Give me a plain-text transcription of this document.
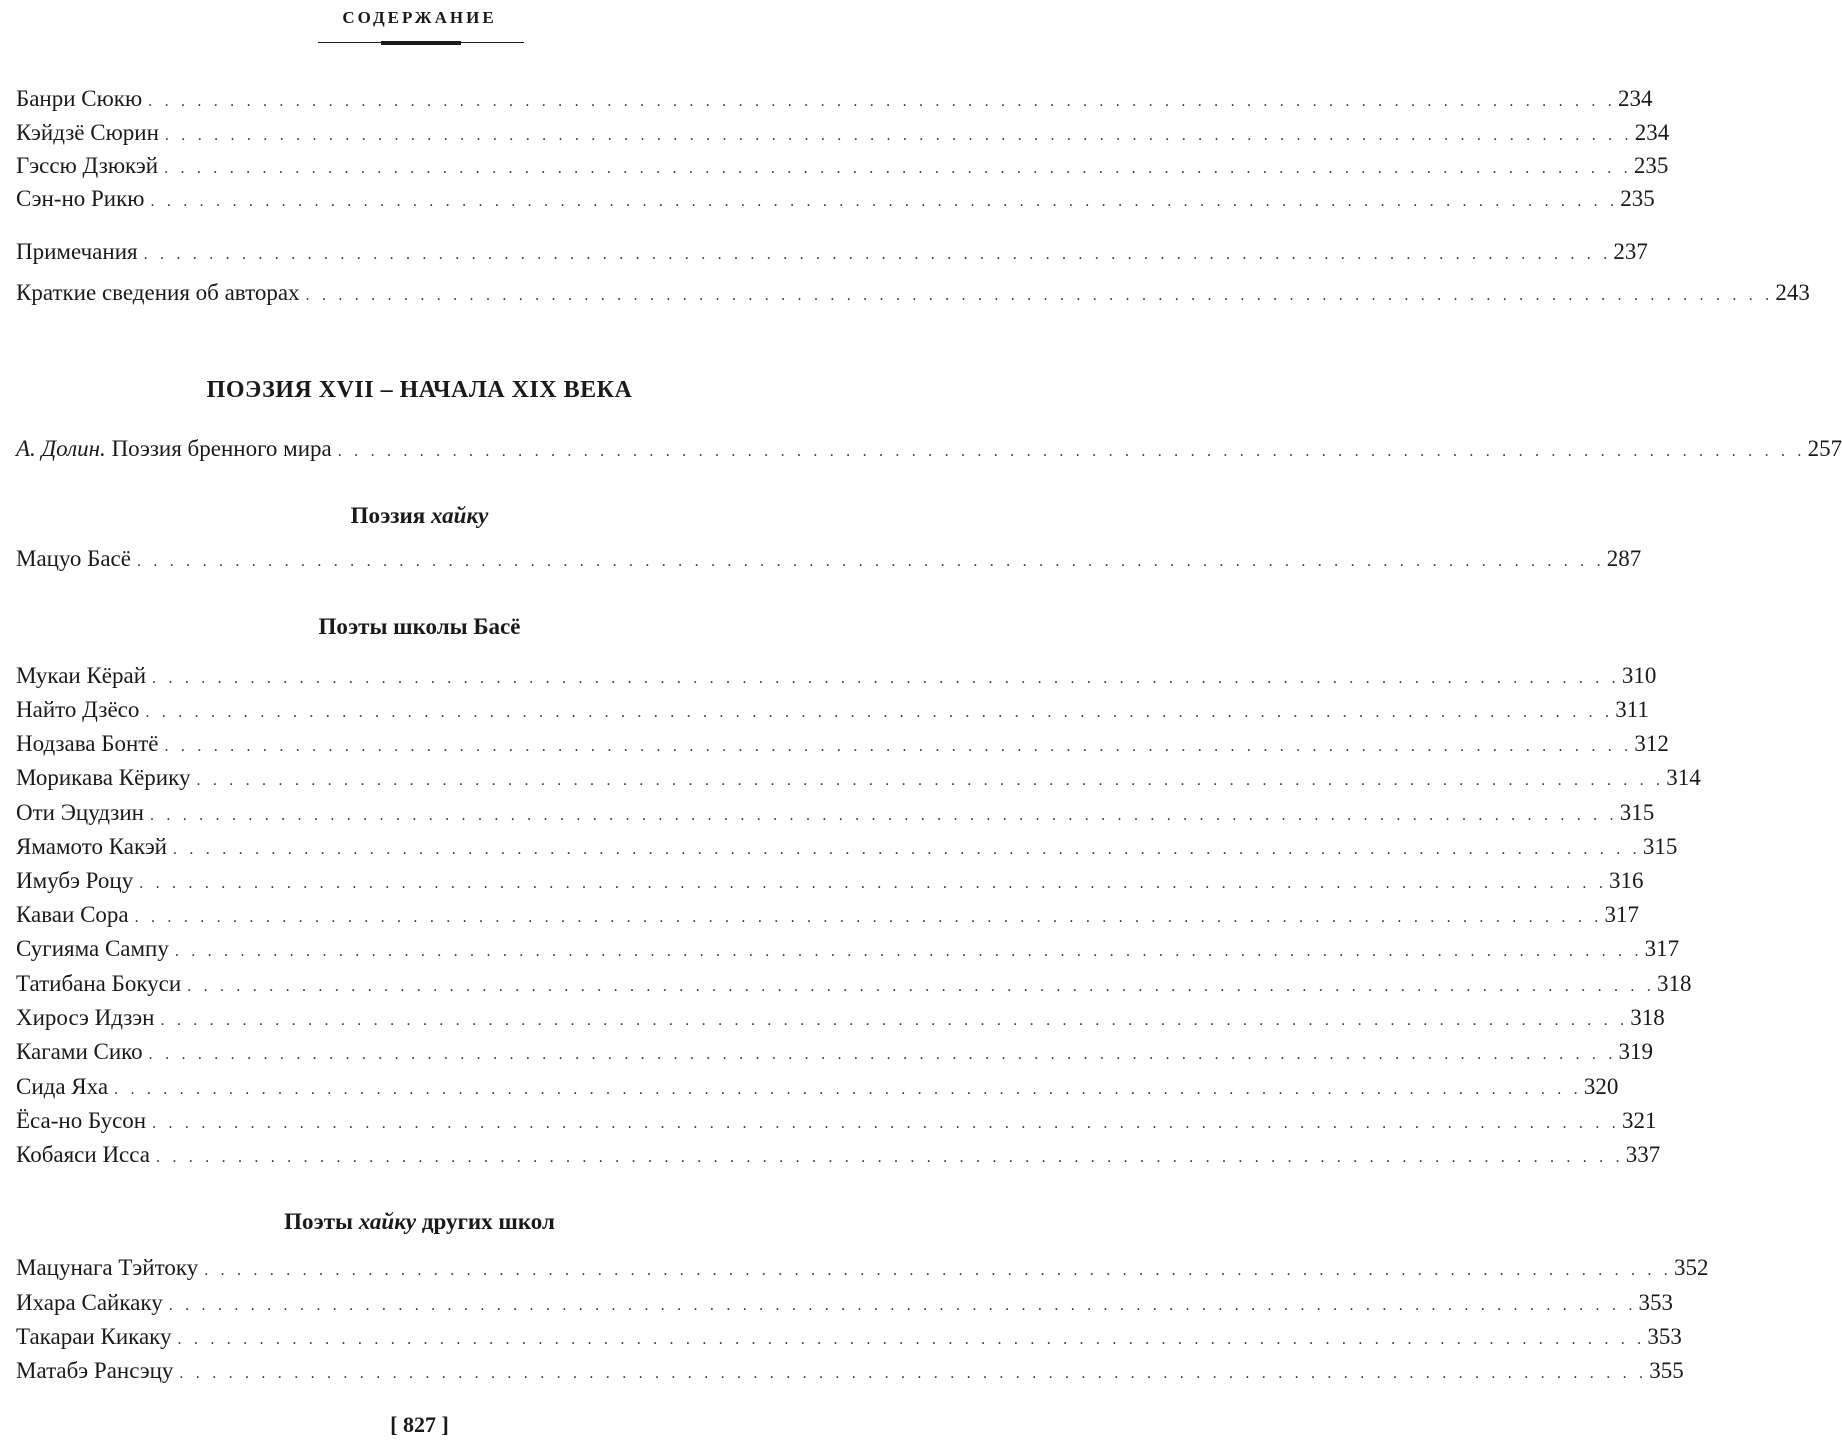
СОДЕРЖАНИЕ
Банри Сюкю . . . . . . . . . . . . . . . . . . . . . . . . . . . . . . . . . . . . . . . . . . . . . . . . . . . . . . . . . . . . . . . . . . . . . . . . . . . . . . . . . . . . . . . . . . 234
Кэйдзё Сюрин . . . . . . . . . . . . . . . . . . . . . . . . . . . . . . . . . . . . . . . . . . . . . . . . . . . . . . . . . . . . . . . . . . . . . . . . . . . . . . . . . . . . . . . . . . 234
Гэссю Дзюкэй . . . . . . . . . . . . . . . . . . . . . . . . . . . . . . . . . . . . . . . . . . . . . . . . . . . . . . . . . . . . . . . . . . . . . . . . . . . . . . . . . . . . . . . . . . 235
Сэн-но Рикю . . . . . . . . . . . . . . . . . . . . . . . . . . . . . . . . . . . . . . . . . . . . . . . . . . . . . . . . . . . . . . . . . . . . . . . . . . . . . . . . . . . . . . . . . . 235
Примечания . . . . . . . . . . . . . . . . . . . . . . . . . . . . . . . . . . . . . . . . . . . . . . . . . . . . . . . . . . . . . . . . . . . . . . . . . . . . . . . . . . . . . . . . . . 237
Краткие сведения об авторах . . . . . . . . . . . . . . . . . . . . . . . . . . . . . . . . . . . . . . . . . . . . . . . . . . . . . . . . . . . . . . . . . . . . . . . . . . . . . . . . . . . . . . . . . . 243
ПОЭЗИЯ XVII – НАЧАЛА XIX ВЕКА
А. Долин. Поэзия бренного мира . . . . . . . . . . . . . . . . . . . . . . . . . . . . . . . . . . . . . . . . . . . . . . . . . . . . . . . . . . . . . . . . . . . . . . . . . . . . . . . . . . . . . . . . . . 257
Поэзия хайку
Мацуо Басё . . . . . . . . . . . . . . . . . . . . . . . . . . . . . . . . . . . . . . . . . . . . . . . . . . . . . . . . . . . . . . . . . . . . . . . . . . . . . . . . . . . . . . . . . . 287
Поэты школы Басё
Мукаи Кёрай . . . . . . . . . . . . . . . . . . . . . . . . . . . . . . . . . . . . . . . . . . . . . . . . . . . . . . . . . . . . . . . . . . . . . . . . . . . . . . . . . . . . . . . . . . 310
Найто Дзёсо . . . . . . . . . . . . . . . . . . . . . . . . . . . . . . . . . . . . . . . . . . . . . . . . . . . . . . . . . . . . . . . . . . . . . . . . . . . . . . . . . . . . . . . . . . 311
Нодзава Бонтё . . . . . . . . . . . . . . . . . . . . . . . . . . . . . . . . . . . . . . . . . . . . . . . . . . . . . . . . . . . . . . . . . . . . . . . . . . . . . . . . . . . . . . . . . . 312
Морикава Кёрику . . . . . . . . . . . . . . . . . . . . . . . . . . . . . . . . . . . . . . . . . . . . . . . . . . . . . . . . . . . . . . . . . . . . . . . . . . . . . . . . . . . . . . . . . . 314
Оти Эцудзин . . . . . . . . . . . . . . . . . . . . . . . . . . . . . . . . . . . . . . . . . . . . . . . . . . . . . . . . . . . . . . . . . . . . . . . . . . . . . . . . . . . . . . . . . . 315
Ямамото Какэй . . . . . . . . . . . . . . . . . . . . . . . . . . . . . . . . . . . . . . . . . . . . . . . . . . . . . . . . . . . . . . . . . . . . . . . . . . . . . . . . . . . . . . . . . . 315
Имубэ Роцу . . . . . . . . . . . . . . . . . . . . . . . . . . . . . . . . . . . . . . . . . . . . . . . . . . . . . . . . . . . . . . . . . . . . . . . . . . . . . . . . . . . . . . . . . . 316
Каваи Сора . . . . . . . . . . . . . . . . . . . . . . . . . . . . . . . . . . . . . . . . . . . . . . . . . . . . . . . . . . . . . . . . . . . . . . . . . . . . . . . . . . . . . . . . . . 317
Сугияма Сампу . . . . . . . . . . . . . . . . . . . . . . . . . . . . . . . . . . . . . . . . . . . . . . . . . . . . . . . . . . . . . . . . . . . . . . . . . . . . . . . . . . . . . . . . . . 317
Татибана Бокуси . . . . . . . . . . . . . . . . . . . . . . . . . . . . . . . . . . . . . . . . . . . . . . . . . . . . . . . . . . . . . . . . . . . . . . . . . . . . . . . . . . . . . . . . . . 318
Хиросэ Идзэн . . . . . . . . . . . . . . . . . . . . . . . . . . . . . . . . . . . . . . . . . . . . . . . . . . . . . . . . . . . . . . . . . . . . . . . . . . . . . . . . . . . . . . . . . . 318
Кагами Сико . . . . . . . . . . . . . . . . . . . . . . . . . . . . . . . . . . . . . . . . . . . . . . . . . . . . . . . . . . . . . . . . . . . . . . . . . . . . . . . . . . . . . . . . . . 319
Сида Яха . . . . . . . . . . . . . . . . . . . . . . . . . . . . . . . . . . . . . . . . . . . . . . . . . . . . . . . . . . . . . . . . . . . . . . . . . . . . . . . . . . . . . . . . . . 320
Ёса-но Бусон . . . . . . . . . . . . . . . . . . . . . . . . . . . . . . . . . . . . . . . . . . . . . . . . . . . . . . . . . . . . . . . . . . . . . . . . . . . . . . . . . . . . . . . . . . 321
Кобаяси Исса . . . . . . . . . . . . . . . . . . . . . . . . . . . . . . . . . . . . . . . . . . . . . . . . . . . . . . . . . . . . . . . . . . . . . . . . . . . . . . . . . . . . . . . . . . 337
Поэты хайку других школ
Мацунага Тэйтоку . . . . . . . . . . . . . . . . . . . . . . . . . . . . . . . . . . . . . . . . . . . . . . . . . . . . . . . . . . . . . . . . . . . . . . . . . . . . . . . . . . . . . . . . . . 352
Ихара Сайкаку . . . . . . . . . . . . . . . . . . . . . . . . . . . . . . . . . . . . . . . . . . . . . . . . . . . . . . . . . . . . . . . . . . . . . . . . . . . . . . . . . . . . . . . . . . 353
Такараи Кикаку . . . . . . . . . . . . . . . . . . . . . . . . . . . . . . . . . . . . . . . . . . . . . . . . . . . . . . . . . . . . . . . . . . . . . . . . . . . . . . . . . . . . . . . . . . 353
Матабэ Рансэцу . . . . . . . . . . . . . . . . . . . . . . . . . . . . . . . . . . . . . . . . . . . . . . . . . . . . . . . . . . . . . . . . . . . . . . . . . . . . . . . . . . . . . . . . . . 355
[ 827 ]
